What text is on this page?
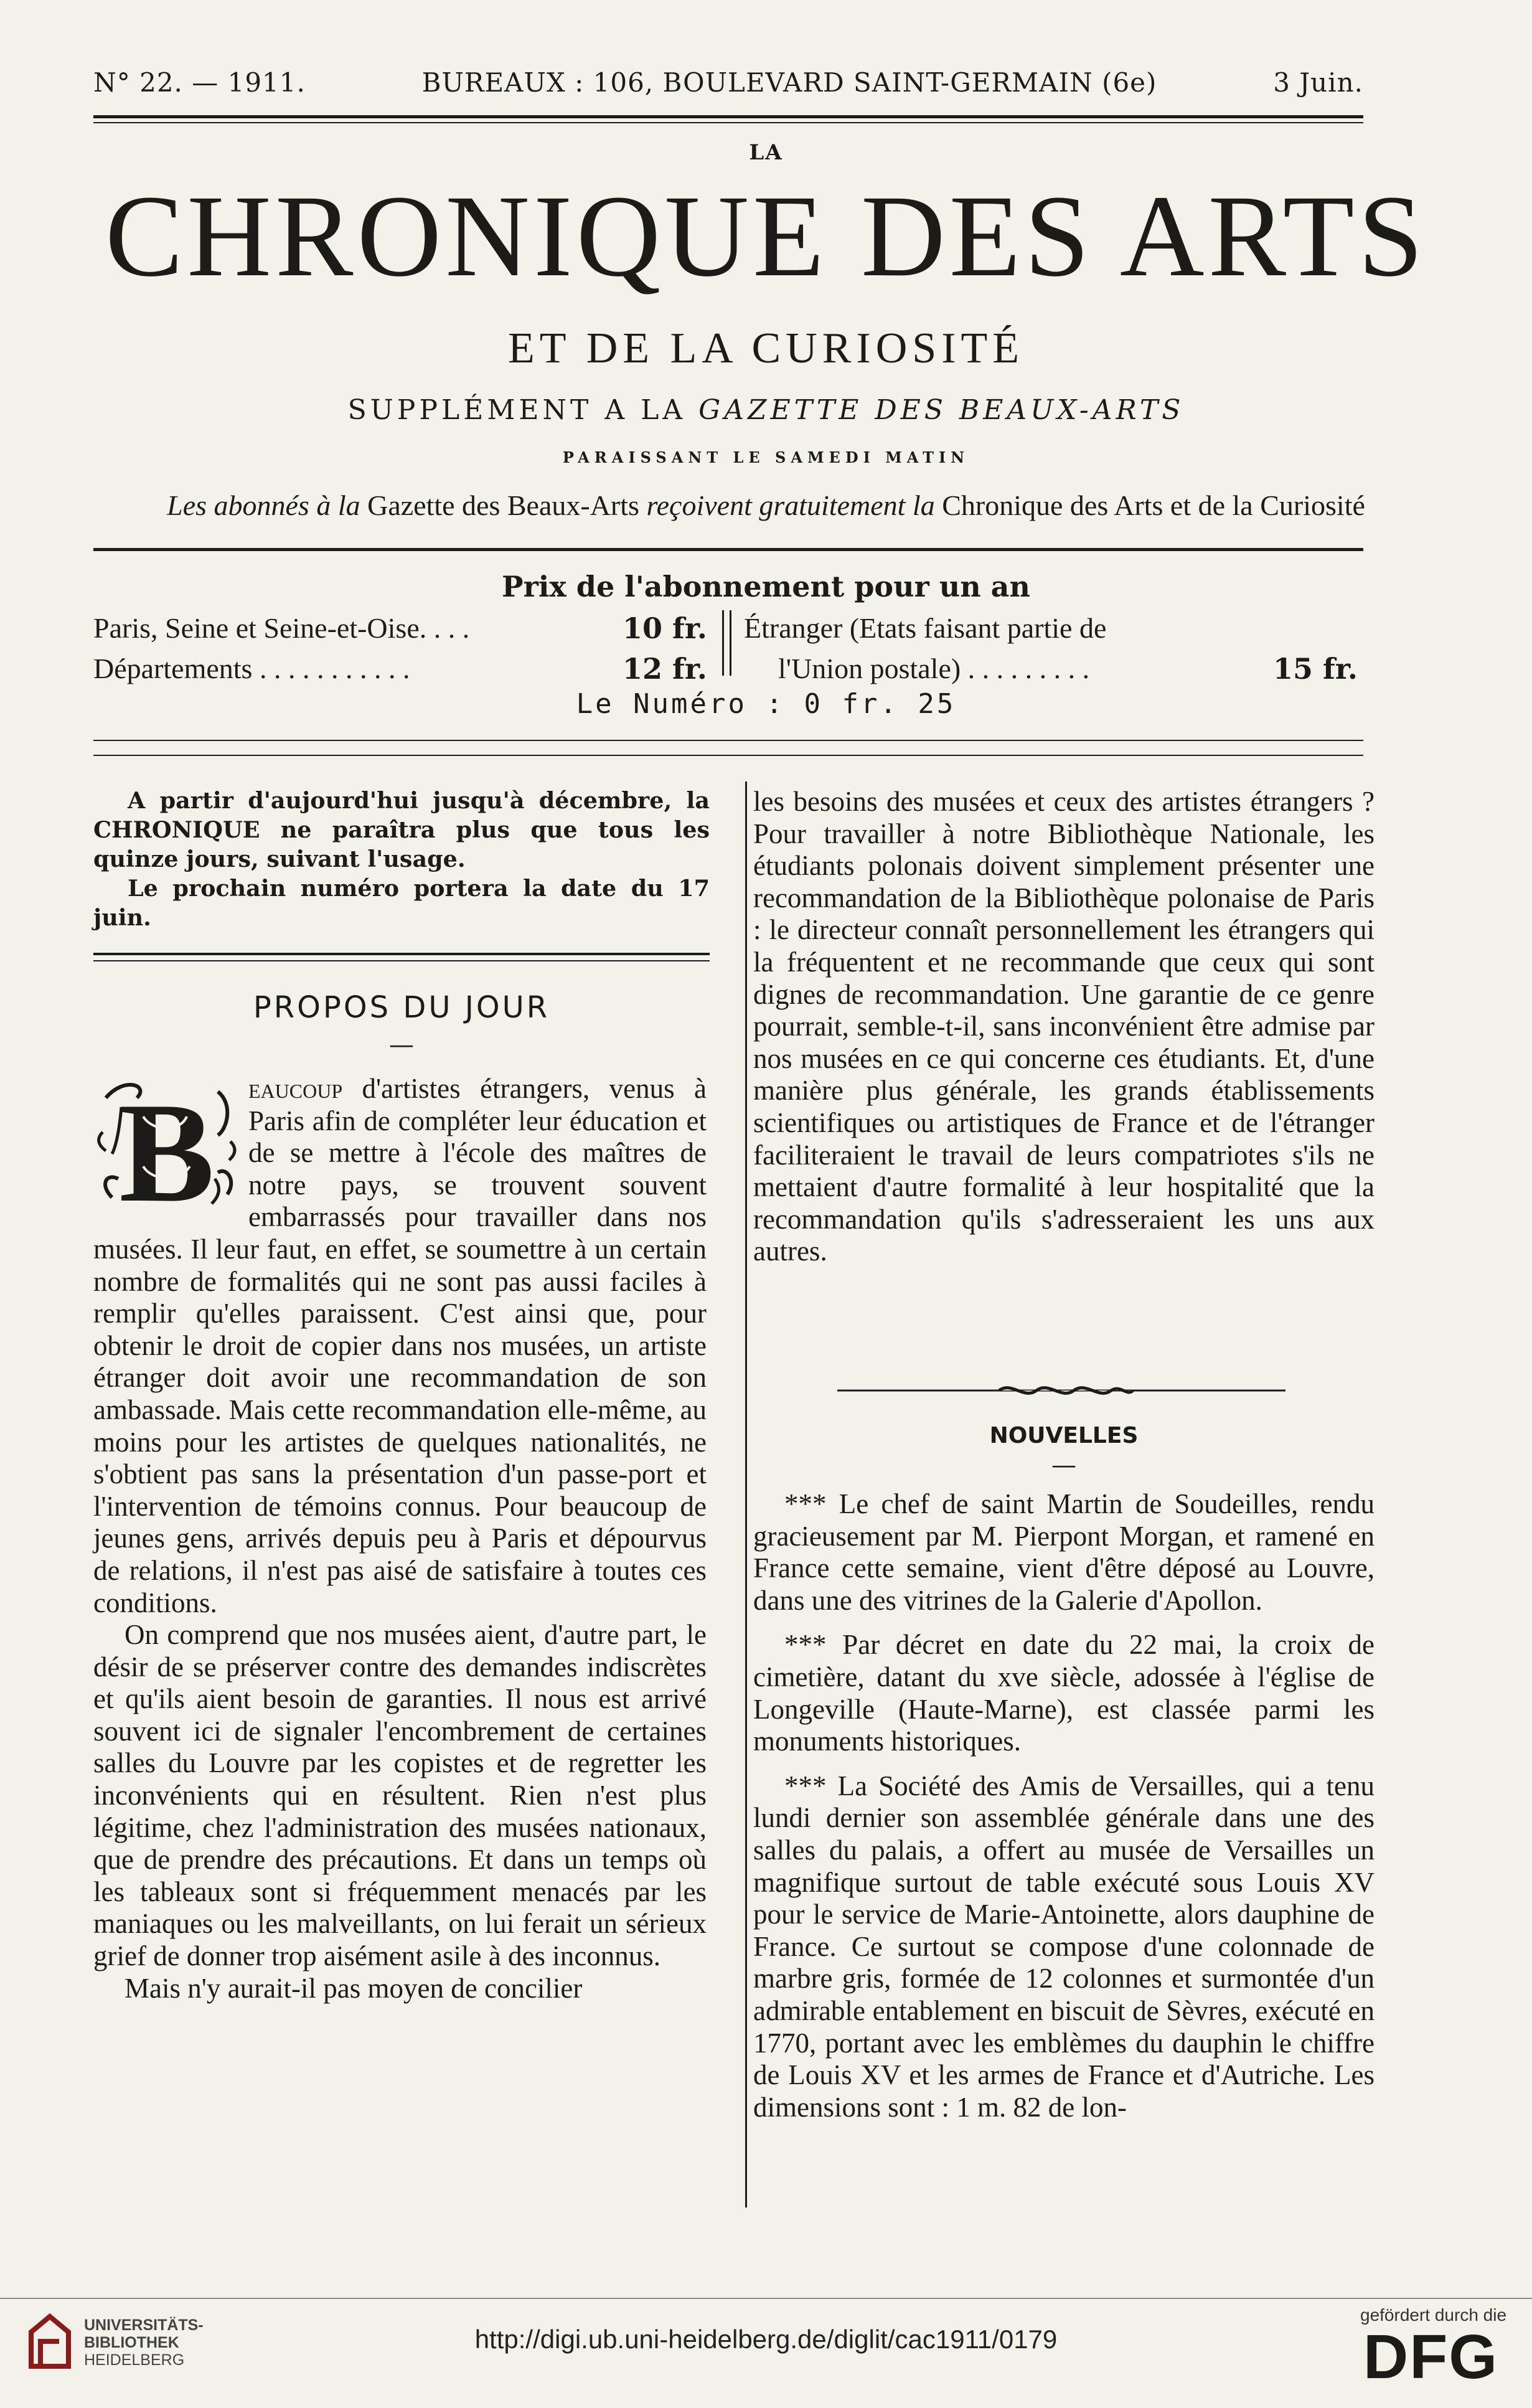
N° 22. — 1911.	BUREAUX : 106, BOULEVARD SAINT-GERMAIN (6e)	3 Juin.
LA
CHRONIQUE DES ARTS
ET DE LA CURIOSITÉ
SUPPLÉMENT A LA GAZETTE DES BEAUX-ARTS
PARAISSANT LE SAMEDI MATIN
Les abonnés à la Gazette des Beaux-Arts reçoivent gratuitement la Chronique des Arts et de la Curiosité
Prix de l'abonnement pour un an
Paris, Seine et Seine-et-Oise. . . .	10 fr.
Départements . . . . . . . . . . .	12 fr.
Étranger (Etats faisant partie de
l'Union postale) . . . . . . . . .	15 fr.
Le Numéro : 0 fr. 25

A partir d'aujourd'hui jusqu'à décembre, la CHRONIQUE ne paraîtra plus que tous les quinze jours, suivant l'usage.

Le prochain numéro portera la date du 17 juin.

PROPOS DU JOUR
—
B	eaucoup d'artistes étrangers, venus à Paris afin de compléter leur éducation et de se mettre à l'école des maîtres de notre pays, se trouvent souvent embarrassés pour travailler dans nos musées. Il leur faut, en effet, se soumettre à un certain nombre de formalités qui ne sont pas aussi faciles à remplir qu'elles paraissent. C'est ainsi que, pour obtenir le droit de copier dans nos musées, un artiste étranger doit avoir une recommandation de son ambassade. Mais cette recommandation elle-même, au moins pour les artistes de quelques nationalités, ne s'obtient pas sans la présentation d'un passe-port et l'intervention de témoins connus. Pour beaucoup de jeunes gens, arrivés depuis peu à Paris et dépourvus de relations, il n'est pas aisé de satisfaire à toutes ces conditions.

On comprend que nos musées aient, d'autre part, le désir de se préserver contre des demandes indiscrètes et qu'ils aient besoin de garanties. Il nous est arrivé souvent ici de signaler l'encombrement de certaines salles du Louvre par les copistes et de regretter les inconvénients qui en résultent. Rien n'est plus légitime, chez l'administration des musées nationaux, que de prendre des précautions. Et dans un temps où les tableaux sont si fréquemment menacés par les maniaques ou les malveillants, on lui ferait un sérieux grief de donner trop aisément asile à des inconnus.

Mais n'y aurait-il pas moyen de concilier

les besoins des musées et ceux des artistes étrangers ? Pour travailler à notre Bibliothèque Nationale, les étudiants polonais doivent simplement présenter une recommandation de la Bibliothèque polonaise de Paris : le directeur connaît personnellement les étrangers qui la fréquentent et ne recommande que ceux qui sont dignes de recommandation. Une garantie de ce genre pourrait, semble-t-il, sans inconvénient être admise par nos musées en ce qui concerne ces étudiants. Et, d'une manière plus générale, les grands établissements scientifiques ou artistiques de France et de l'étranger faciliteraient le travail de leurs compatriotes s'ils ne mettaient d'autre formalité à leur hospitalité que la recommandation qu'ils s'adresseraient les uns aux autres.

NOUVELLES
—

*** Le chef de saint Martin de Soudeilles, rendu gracieusement par M. Pierpont Morgan, et ramené en France cette semaine, vient d'être déposé au Louvre, dans une des vitrines de la Galerie d'Apollon.

*** Par décret en date du 22 mai, la croix de cimetière, datant du xve siècle, adossée à l'église de Longeville (Haute-Marne), est classée parmi les monuments historiques.

*** La Société des Amis de Versailles, qui a tenu lundi dernier son assemblée générale dans une des salles du palais, a offert au musée de Versailles un magnifique surtout de table exécuté sous Louis XV pour le service de Marie-Antoinette, alors dauphine de France. Ce surtout se compose d'une colonnade de marbre gris, formée de 12 colonnes et surmontée d'un admirable entablement en biscuit de Sèvres, exécuté en 1770, portant avec les emblèmes du dauphin le chiffre de Louis XV et les armes de France et d'Autriche. Les dimensions sont : 1 m. 82 de lon-

UNIVERSITÄTS-
BIBLIOTHEK
HEIDELBERG
http://digi.ub.uni-heidelberg.de/diglit/cac1911/0179
gefördert durch die
DFG
